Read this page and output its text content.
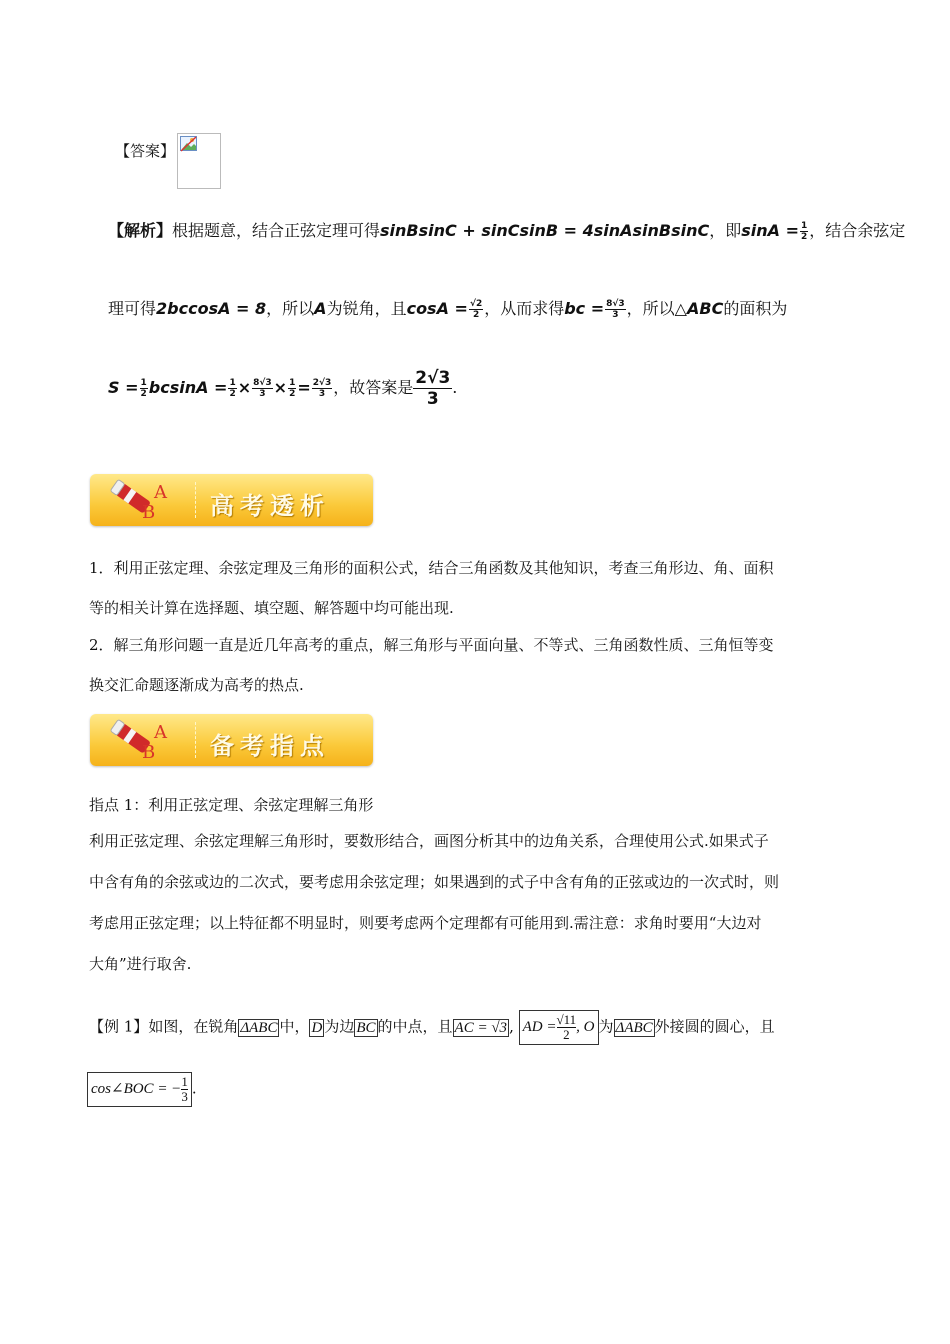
【答案】
【解析】根据题意，结合正弦定理可得sinBsinC + sinCsinB = 4sinAsinBsinC，即$\sin A = \frac{1}{2}$ ，结合余弦定
理可得2bccosA = 8，所以A为锐角，且$\cos A = \frac{√2}{2}$ ，从而求得bc = $\frac{8√3}{3}$ ，所以△ABC的面积为
$S = \frac{1}{2}$ $bcsinA = \frac{1}{2} \times \frac{8√3}{3} \times \frac{1}{2} = \frac{2√3}{3}$ ，故答案是 $\frac{2√3}{3}$.
A
B 高考透析
1．利用正弦定理、余弦定理及三角形的面积公式，结合三角函数及其他知识，考查三角形边、角、面积
等的相关计算在选择题、填空题、解答题中均可能出现.
2．解三角形问题一直是近几年高考的重点，解三角形与平面向量、不等式、三角函数性质、三角恒等变
换交汇命题逐渐成为高考的热点.
A
B 备考指点
指点 1：利用正弦定理、余弦定理解三角形
利用正弦定理、余弦定理解三角形时，要数形结合，画图分析其中的边角关系，合理使用公式.如果式子
中含有角的余弦或边的二次式，要考虑用余弦定理；如果遇到的式子中含有角的正弦或边的一次式时，则
考虑用正弦定理；以上特征都不明显时，则要考虑两个定理都有可能用到.需注意：求角时要用“大边对
大角”进行取舍.
【例 1】如图，在锐角 ΔABC 中， D 为边 BC 的中点，且 AC = √3 , AD = $\frac{√11}{2}$, O 为 ΔABC 外接圆的圆心，且
cos∠BOC = − $\frac{1}{3}$ .
